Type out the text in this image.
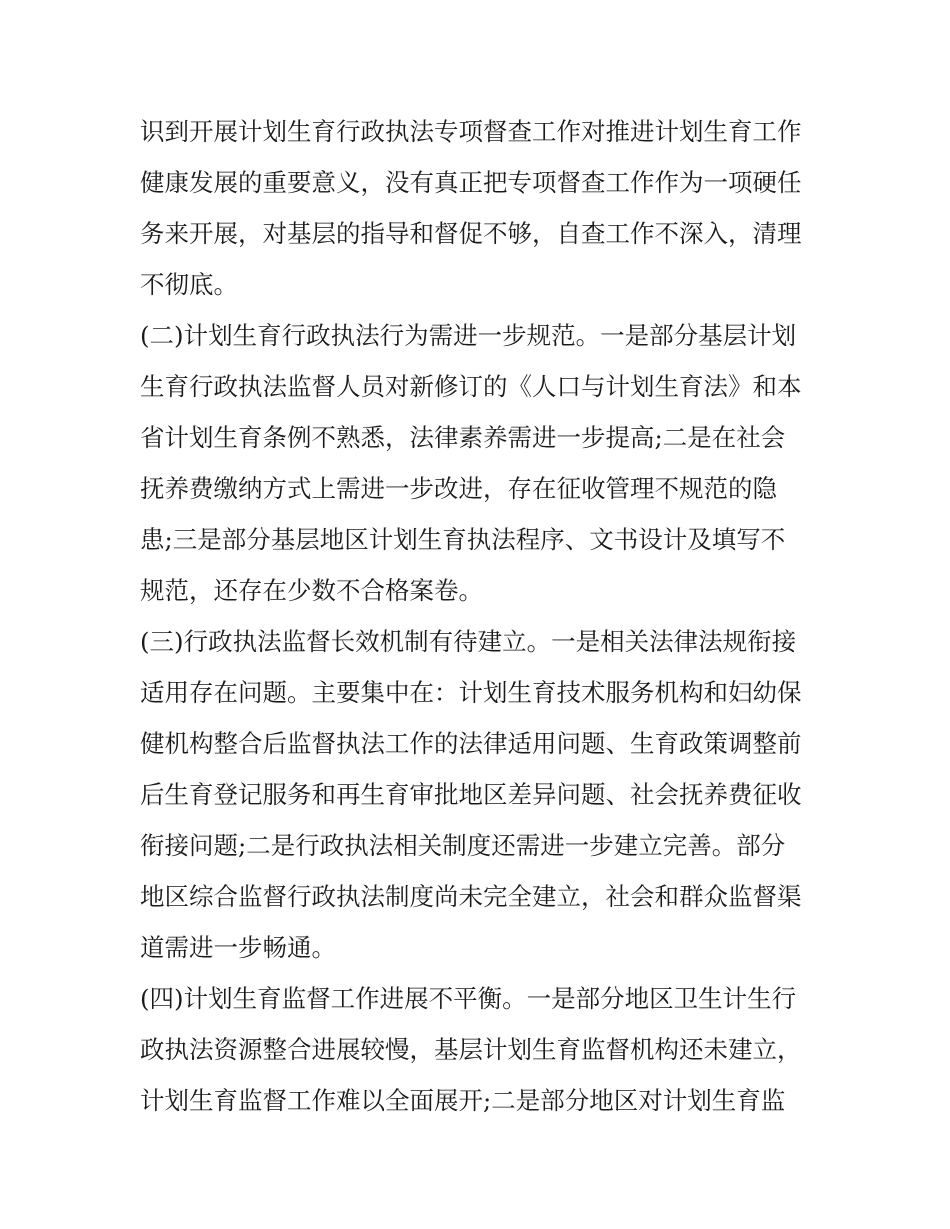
识到开展计划生育行政执法专项督查工作对推进计划生育工作
健康发展的重要意义，没有真正把专项督查工作作为一项硬任
务来开展，对基层的指导和督促不够，自查工作不深入，清理
不彻底。
(二)计划生育行政执法行为需进一步规范。一是部分基层计划
生育行政执法监督人员对新修订的《人口与计划生育法》和本
省计划生育条例不熟悉，法律素养需进一步提高;二是在社会
抚养费缴纳方式上需进一步改进，存在征收管理不规范的隐
患;三是部分基层地区计划生育执法程序、文书设计及填写不
规范，还存在少数不合格案卷。
(三)行政执法监督长效机制有待建立。一是相关法律法规衔接
适用存在问题。主要集中在：计划生育技术服务机构和妇幼保
健机构整合后监督执法工作的法律适用问题、生育政策调整前
后生育登记服务和再生育审批地区差异问题、社会抚养费征收
衔接问题;二是行政执法相关制度还需进一步建立完善。部分
地区综合监督行政执法制度尚未完全建立，社会和群众监督渠
道需进一步畅通。
(四)计划生育监督工作进展不平衡。一是部分地区卫生计生行
政执法资源整合进展较慢，基层计划生育监督机构还未建立，
计划生育监督工作难以全面展开;二是部分地区对计划生育监
